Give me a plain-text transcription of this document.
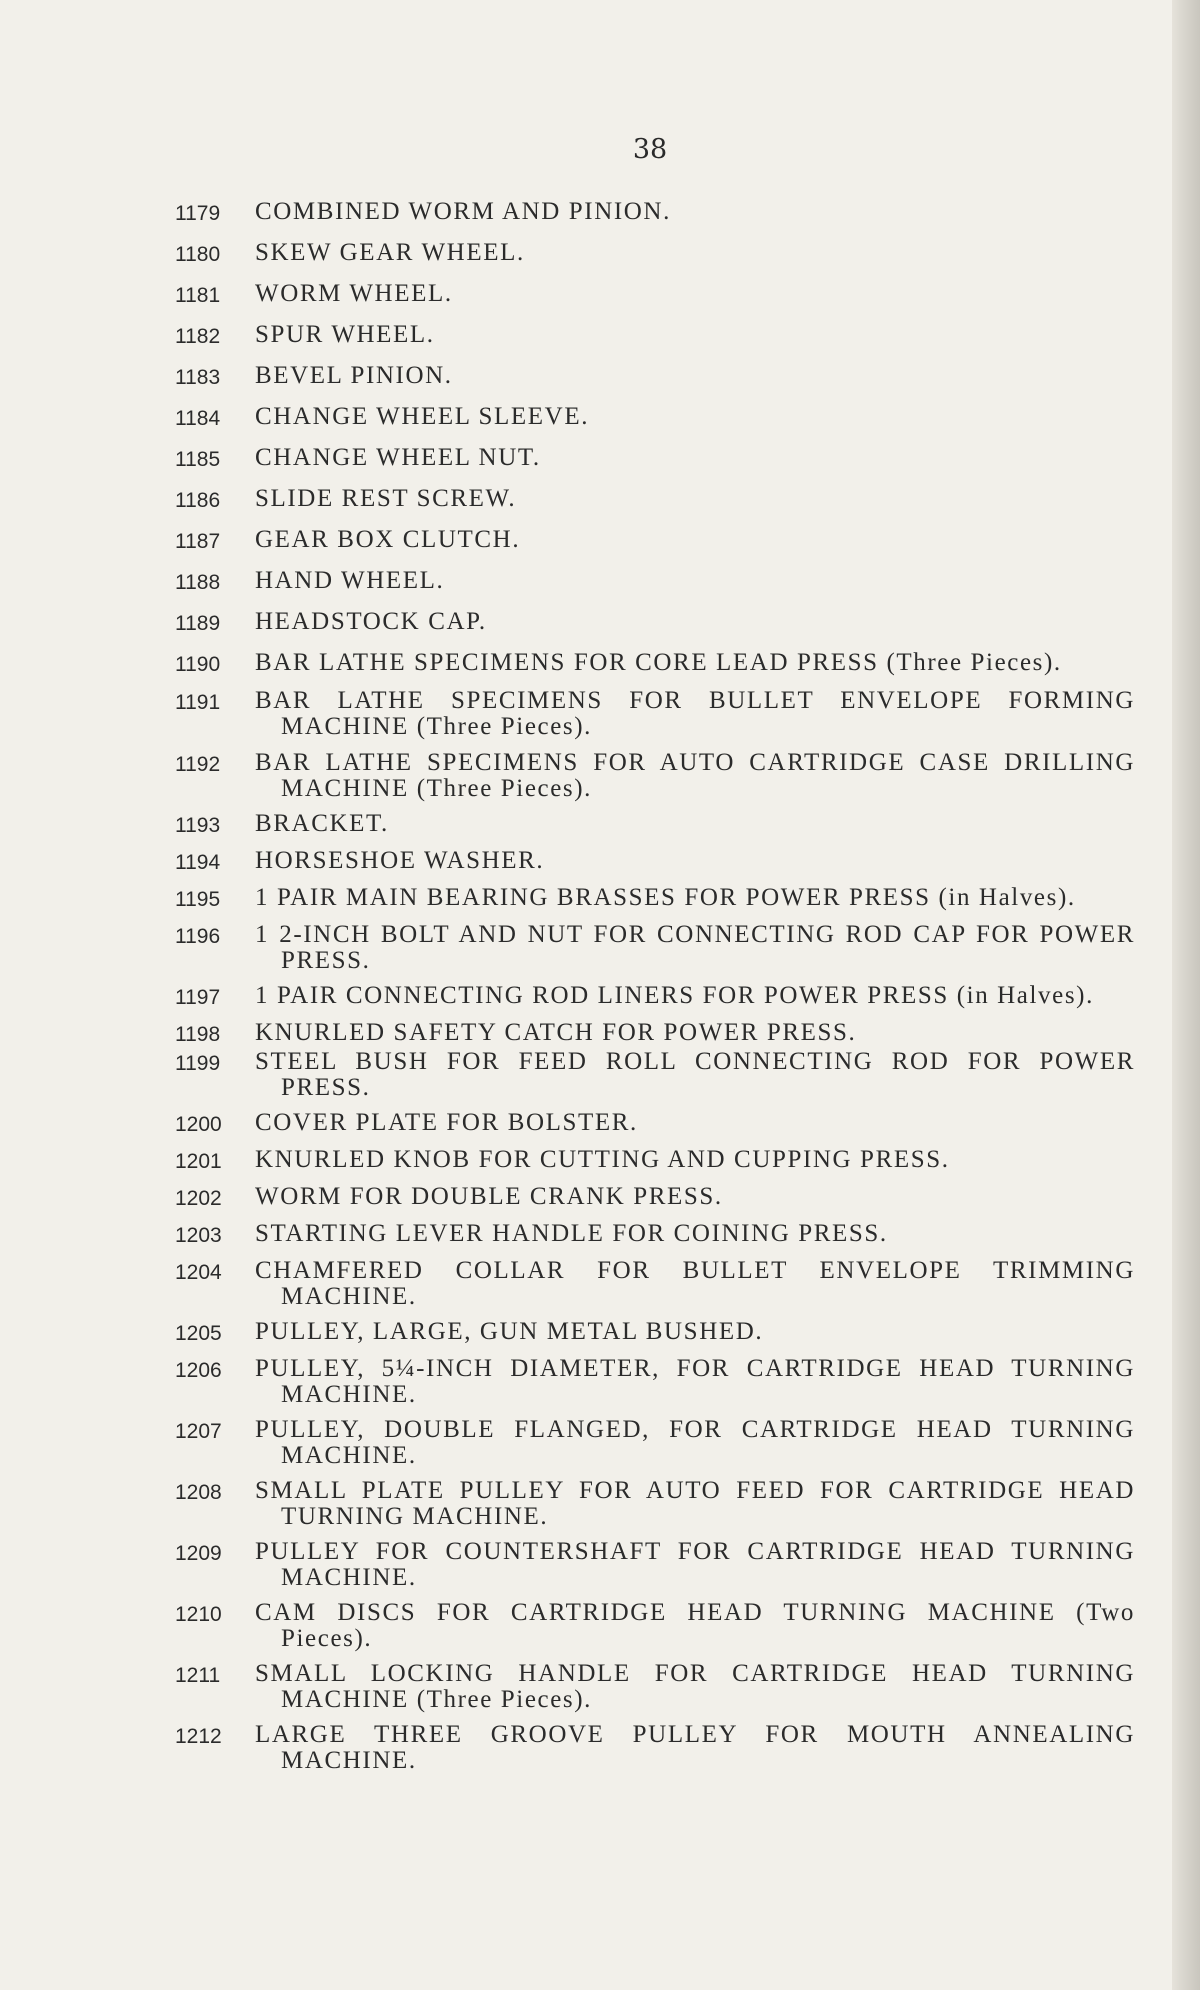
38
1179	COMBINED WORM AND PINION.
1180	SKEW GEAR WHEEL.
1181	WORM WHEEL.
1182	SPUR WHEEL.
1183	BEVEL PINION.
1184	CHANGE WHEEL SLEEVE.
1185	CHANGE WHEEL NUT.
1186	SLIDE REST SCREW.
1187	GEAR BOX CLUTCH.
1188	HAND WHEEL.
1189	HEADSTOCK CAP.
1190	BAR LATHE SPECIMENS FOR CORE LEAD PRESS (Three Pieces).
1191	BAR LATHE SPECIMENS FOR BULLET ENVELOPE FORMING MACHINE (Three Pieces).
1192	BAR LATHE SPECIMENS FOR AUTO CARTRIDGE CASE DRILLING MACHINE (Three Pieces).
1193	BRACKET.
1194	HORSESHOE WASHER.
1195	1 PAIR MAIN BEARING BRASSES FOR POWER PRESS (in Halves).
1196	1 2-INCH BOLT AND NUT FOR CONNECTING ROD CAP FOR POWER PRESS.
1197	1 PAIR CONNECTING ROD LINERS FOR POWER PRESS (in Halves).
1198	KNURLED SAFETY CATCH FOR POWER PRESS.
1199	STEEL BUSH FOR FEED ROLL CONNECTING ROD FOR POWER PRESS.
1200	COVER PLATE FOR BOLSTER.
1201	KNURLED KNOB FOR CUTTING AND CUPPING PRESS.
1202	WORM FOR DOUBLE CRANK PRESS.
1203	STARTING LEVER HANDLE FOR COINING PRESS.
1204	CHAMFERED COLLAR FOR BULLET ENVELOPE TRIMMING MACHINE.
1205	PULLEY, LARGE, GUN METAL BUSHED.
1206	PULLEY, 5¼-INCH DIAMETER, FOR CARTRIDGE HEAD TURNING MACHINE.
1207	PULLEY, DOUBLE FLANGED, FOR CARTRIDGE HEAD TURNING MACHINE.
1208	SMALL PLATE PULLEY FOR AUTO FEED FOR CARTRIDGE HEAD TURNING MACHINE.
1209	PULLEY FOR COUNTERSHAFT FOR CARTRIDGE HEAD TURNING MACHINE.
1210	CAM DISCS FOR CARTRIDGE HEAD TURNING MACHINE (Two Pieces).
1211	SMALL LOCKING HANDLE FOR CARTRIDGE HEAD TURNING MACHINE (Three Pieces).
1212	LARGE THREE GROOVE PULLEY FOR MOUTH ANNEALING MACHINE.
